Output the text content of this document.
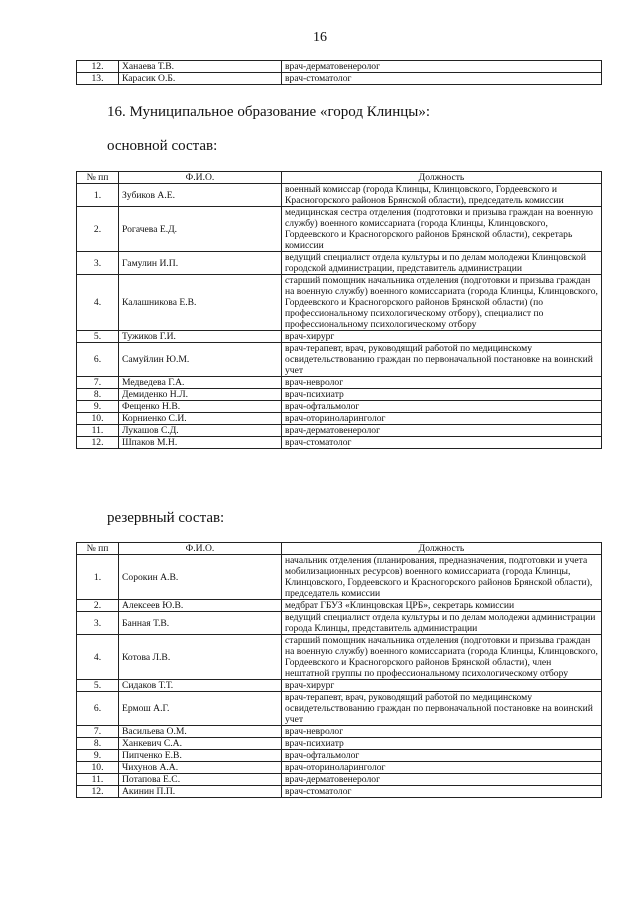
16
12.	Ханаева Т.В.	врач-дерматовенеролог
13.	Карасик О.Б.	врач-стоматолог
16. Муниципальное образование «город Клинцы»:
основной состав:
№ пп	Ф.И.О.	Должность
1.	Зубиков А.Е.	военный комиссар (города Клинцы, Клинцовского, Гордеевского и Красногорского районов Брянской области), председатель комиссии
2.	Рогачева Е.Д.	медицинская сестра отделения (подготовки и призыва граждан на военную службу) военного комиссариата (города Клинцы, Клинцовского, Гордеевского и Красногорского районов Брянской области), секретарь комиссии
3.	Гамулин И.П.	ведущий специалист отдела культуры и по делам молодежи Клинцовской городской администрации, представитель администрации
4.	Калашникова Е.В.	старший помощник начальника отделения (подготовки и призыва граждан на военную службу) военного комиссариата (города Клинцы, Клинцовского, Гордеевского и Красногорского районов Брянской области) (по профессиональному психологическому отбору), специалист по профессиональному психологическому отбору
5.	Тужиков Г.И.	врач-хирург
6.	Самуйлин Ю.М.	врач-терапевт, врач, руководящий работой по медицинскому освидетельствованию граждан по первоначальной постановке на воинский учет
7.	Медведева Г.А.	врач-невролог
8.	Демиденко Н.Л.	врач-психиатр
9.	Фещенко Н.В.	врач-офтальмолог
10.	Корниенко С.И.	врач-оториноларинголог
11.	Лукашов С.Д.	врач-дерматовенеролог
12.	Шпаков М.Н.	врач-стоматолог
резервный состав:
№ пп	Ф.И.О.	Должность
1.	Сорокин А.В.	начальник отделения (планирования, предназначения, подготовки и учета мобилизационных ресурсов) военного комиссариата (города Клинцы, Клинцовского, Гордеевского и Красногорского районов Брянской области), председатель комиссии
2.	Алексеев Ю.В.	медбрат ГБУЗ «Клинцовская ЦРБ», секретарь комиссии
3.	Банная Т.В.	ведущий специалист отдела культуры и по делам молодежи администрации города Клинцы, представитель администрации
4.	Котова Л.В.	старший помощник начальника отделения (подготовки и призыва граждан на военную службу) военного комиссариата (города Клинцы, Клинцовского, Гордеевского и Красногорского районов Брянской области), член нештатной группы по профессиональному психологическому отбору
5.	Сидаков Т.Т.	врач-хирург
6.	Ермош А.Г.	врач-терапевт, врач, руководящий работой по медицинскому освидетельствованию граждан по первоначальной постановке на воинский учет
7.	Васильева О.М.	врач-невролог
8.	Ханкевич С.А.	врач-психиатр
9.	Пипченко Е.В.	врач-офтальмолог
10.	Чихунов А.А.	врач-оториноларинголог
11.	Потапова Е.С.	врач-дерматовенеролог
12.	Акинин П.П.	врач-стоматолог
